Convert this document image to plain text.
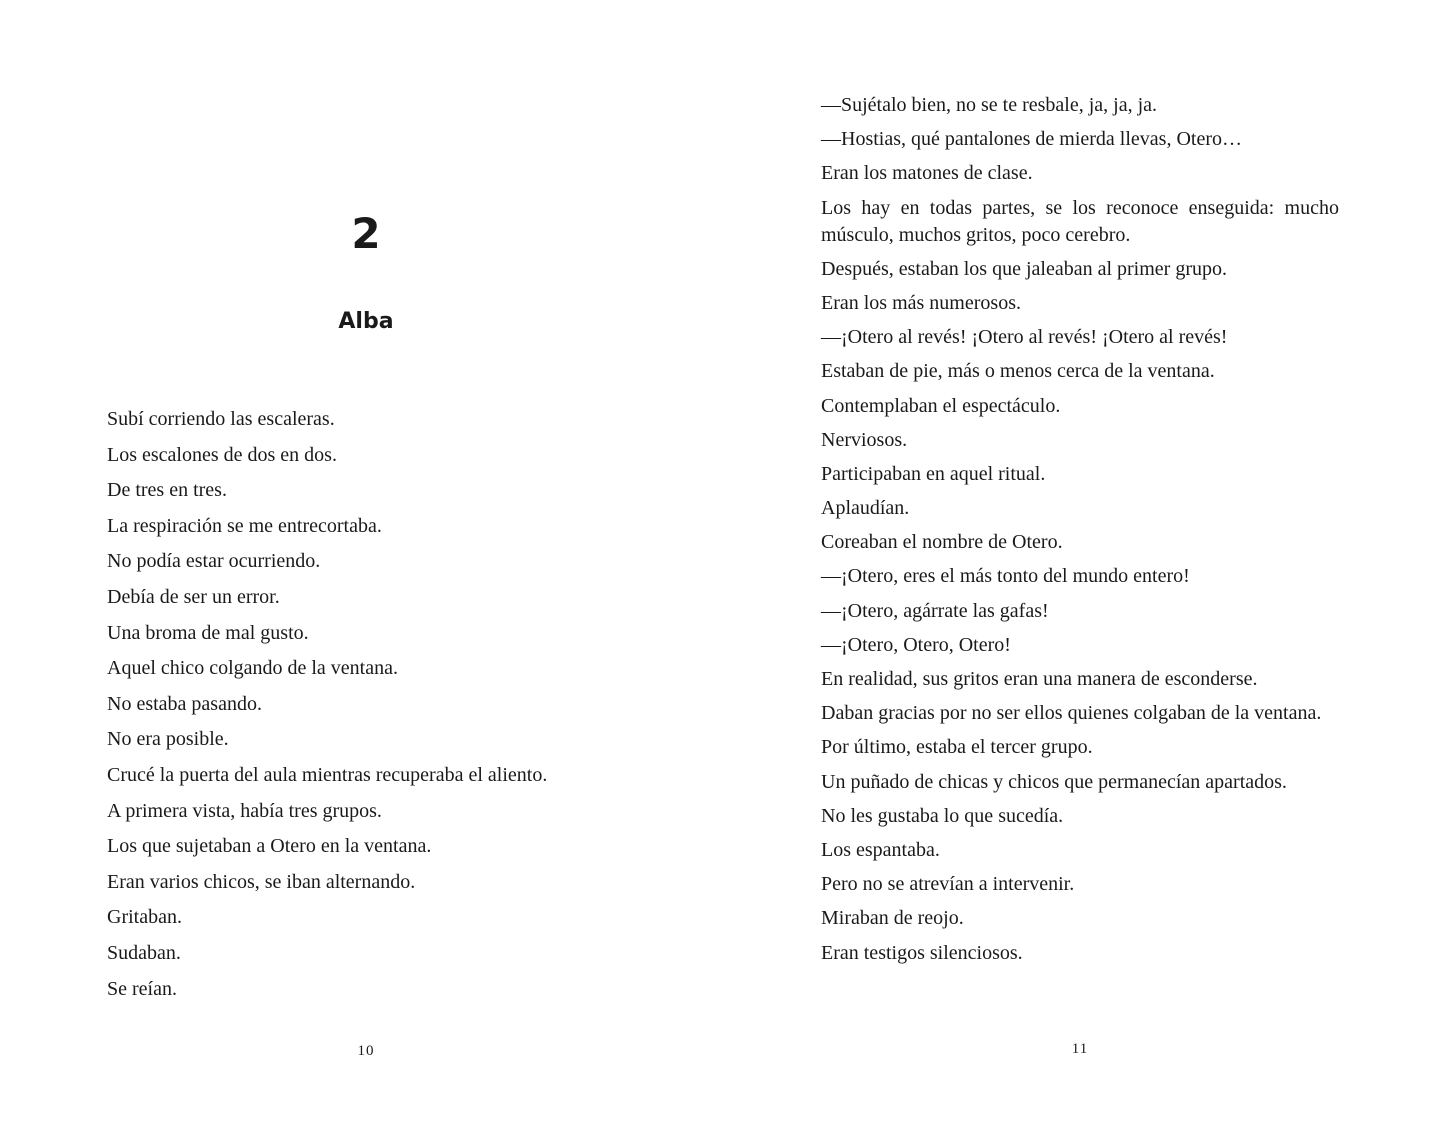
2
Alba

Subí corriendo las escaleras.

Los escalones de dos en dos.

De tres en tres.

La respiración se me entrecortaba.

No podía estar ocurriendo.

Debía de ser un error.

Una broma de mal gusto.

Aquel chico colgando de la ventana.

No estaba pasando.

No era posible.

Crucé la puerta del aula mientras recuperaba el aliento.

A primera vista, había tres grupos.

Los que sujetaban a Otero en la ventana.

Eran varios chicos, se iban alternando.

Gritaban.

Sudaban.

Se reían.

10

—Sujétalo bien, no se te resbale, ja, ja, ja.

—Hostias, qué pantalones de mierda llevas, Otero…

Eran los matones de clase.

Los hay en todas partes, se los reconoce enseguida: mucho músculo, muchos gritos, poco cerebro.

Después, estaban los que jaleaban al primer grupo.

Eran los más numerosos.

—¡Otero al revés! ¡Otero al revés! ¡Otero al revés!

Estaban de pie, más o menos cerca de la ventana.

Contemplaban el espectáculo.

Nerviosos.

Participaban en aquel ritual.

Aplaudían.

Coreaban el nombre de Otero.

—¡Otero, eres el más tonto del mundo entero!

—¡Otero, agárrate las gafas!

—¡Otero, Otero, Otero!

En realidad, sus gritos eran una manera de esconderse.

Daban gracias por no ser ellos quienes colgaban de la ventana.

Por último, estaba el tercer grupo.

Un puñado de chicas y chicos que permanecían apartados.

No les gustaba lo que sucedía.

Los espantaba.

Pero no se atrevían a intervenir.

Miraban de reojo.

Eran testigos silenciosos.

11
